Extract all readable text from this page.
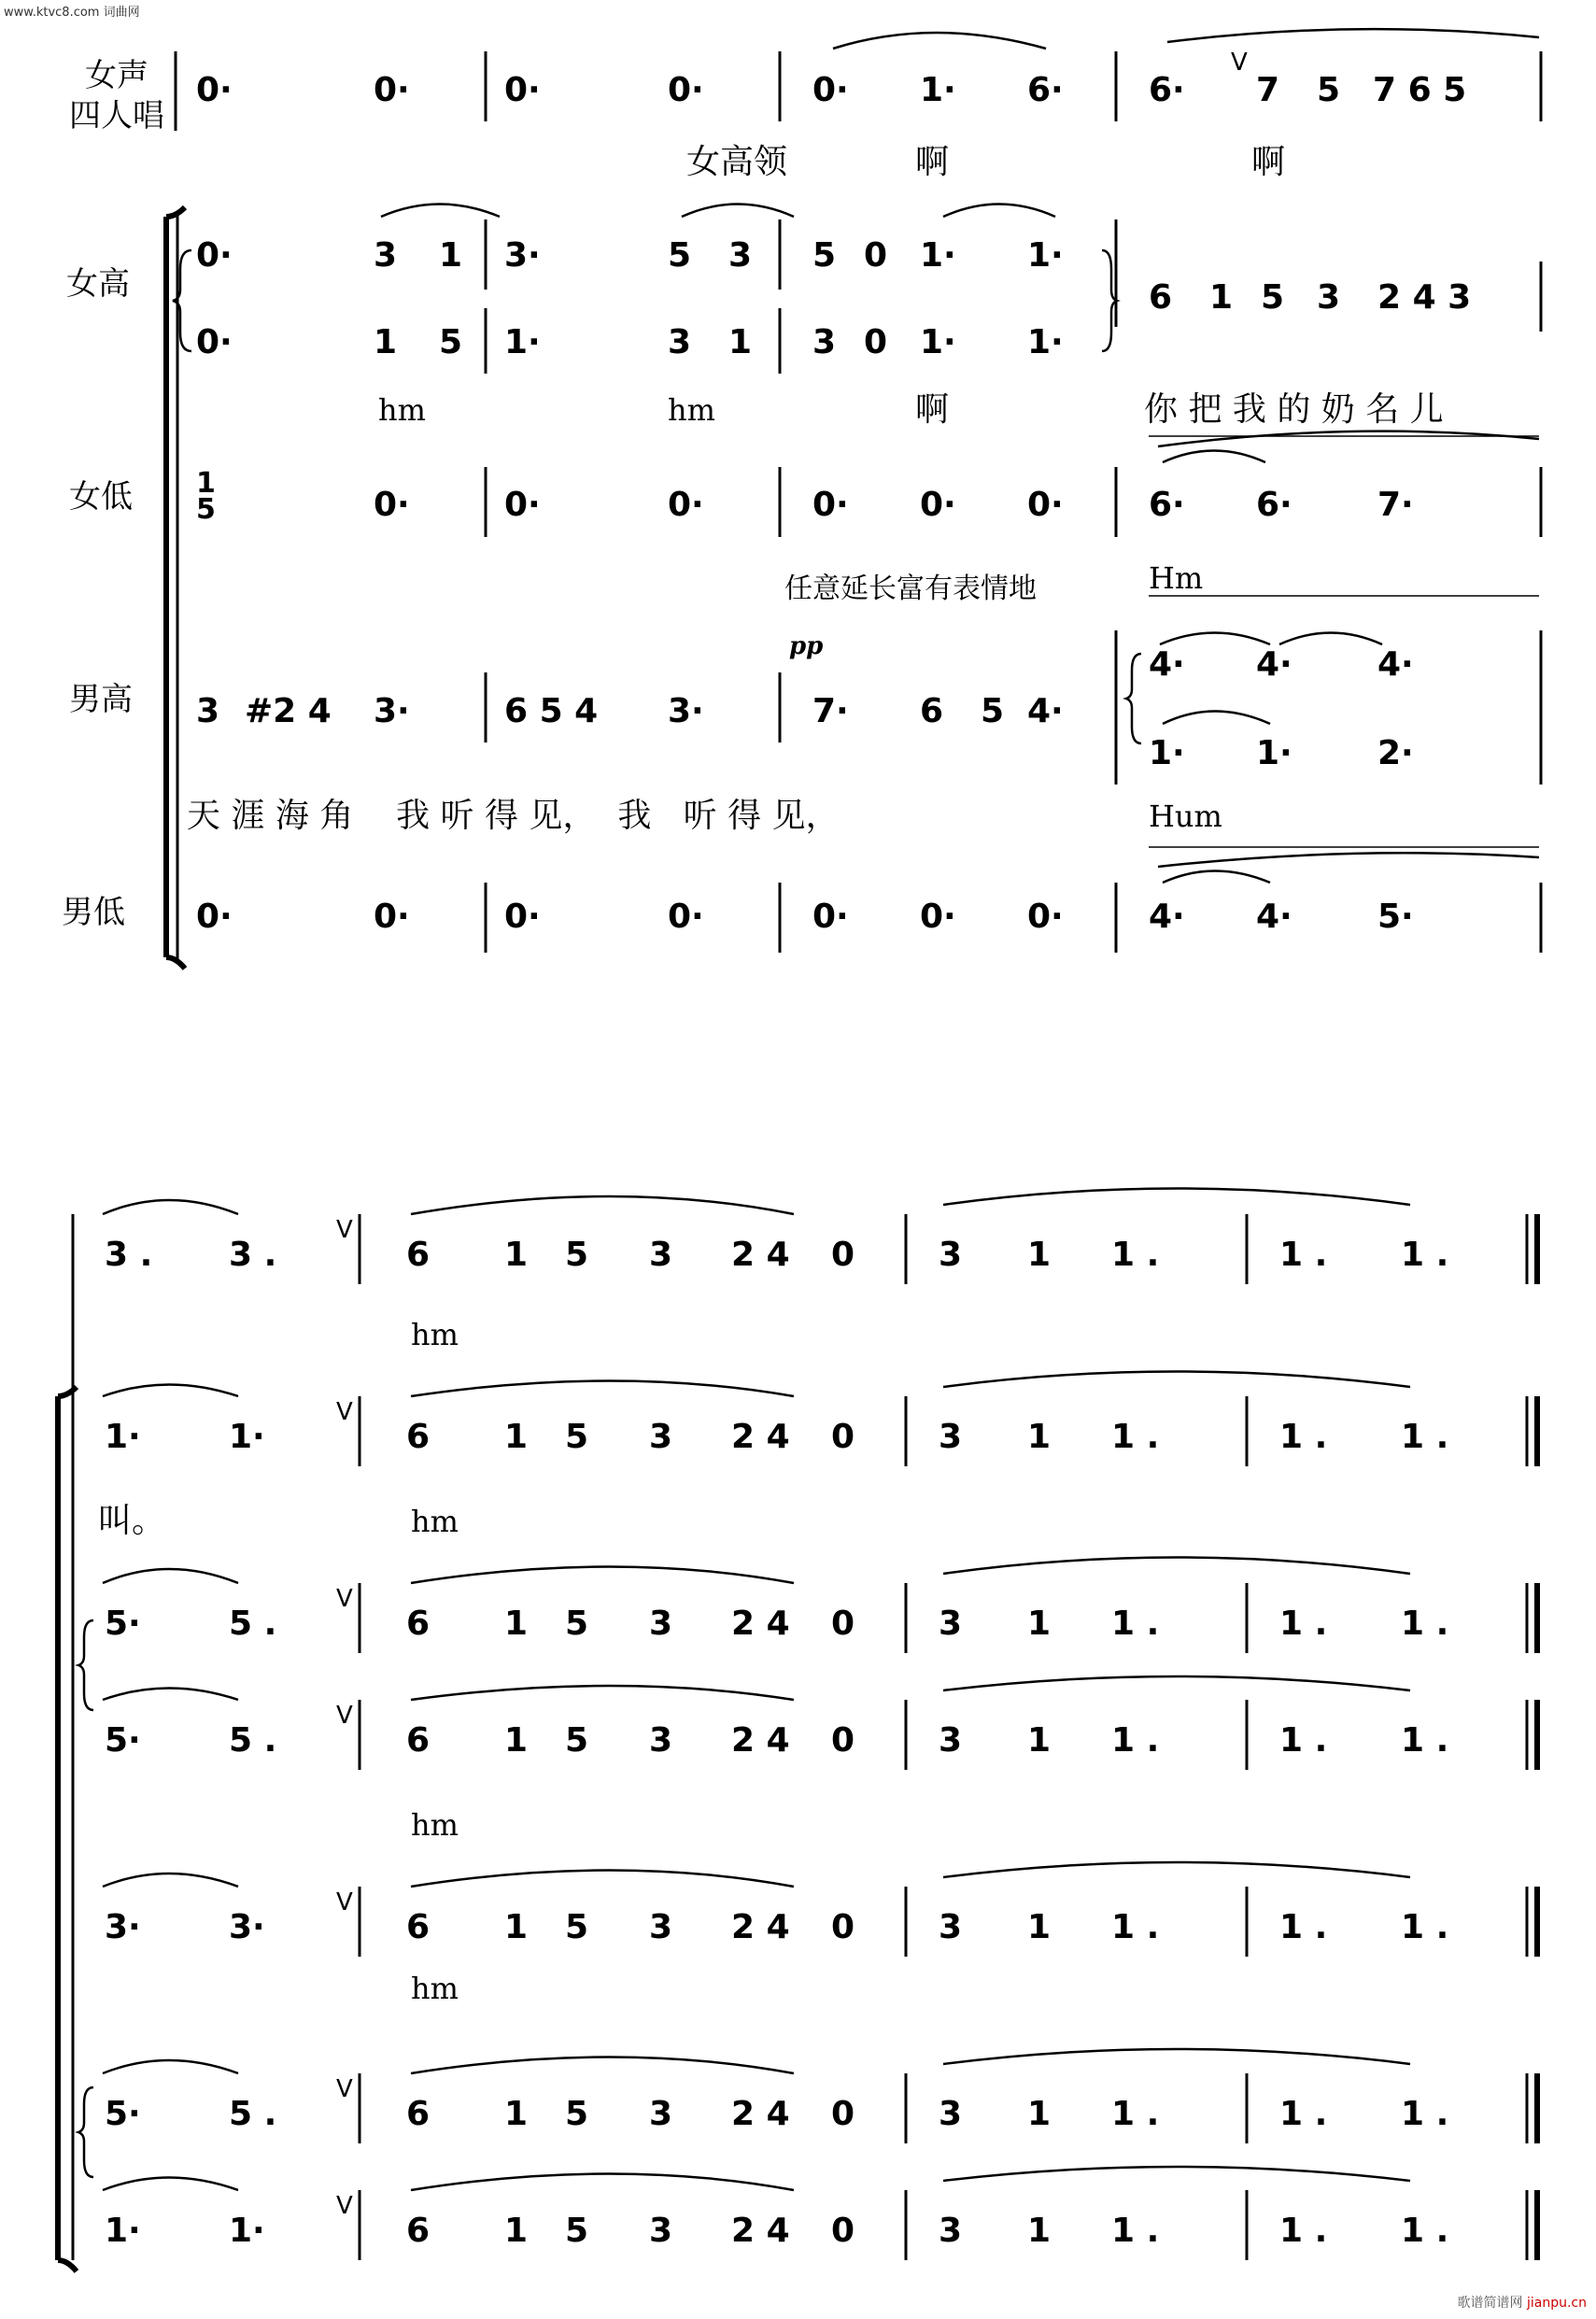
www.ktvc8.com 词曲网
女声
四人唱
女高
女低
男高
男低
0·	0·	0·	0·	0· 1· 6·	6· 7 5 7 6 5
0·	3 1 3·	5 3 5 0 1· 1·
6 1 5 3 2 4 3
0·	1 5 1·	3 1 3 0 1· 1·
1
5	0·	0·	0·	0· 0· 0·	6· 6·	7·
3 #2 4 3·	6 5 4 3·	7· 6 5 4·
4· 4·	4·
1· 1·	2·
0·	0·	0·	0·	0· 0· 0·	4· 4·	5·
V
女高领	啊	啊
hm	hm	啊	你 把 我 的 奶 名 儿
任意延长富有表情地	Hm
天 涯 海 角    我 听 得 见，  我   听 得 见，	Hum
pp
3 . 3 .	6 1 5 3 2 4 0 3 1 1 .	1 . 1 .
1·	1·	6 1 5 3 2 4 0 3 1 1 .	1 . 1 .
5·	5 .	6 1 5 3 2 4 0 3 1 1 .	1 . 1 .
5·	5 .	6 1 5 3 2 4 0 3 1 1 .	1 . 1 .
3·	3·	6 1 5 3 2 4 0 3 1 1 .	1 . 1 .
5·	5 .	6 1 5 3 2 4 0 3 1 1 .	1 . 1 .
1·	1·	6 1 5 3 2 4 0 3 1 1 .	1 . 1 .
V
V
V
V
V
V
V
hm
叫。	hm
hm
hm
歌谱简谱网 jianpu.cn
